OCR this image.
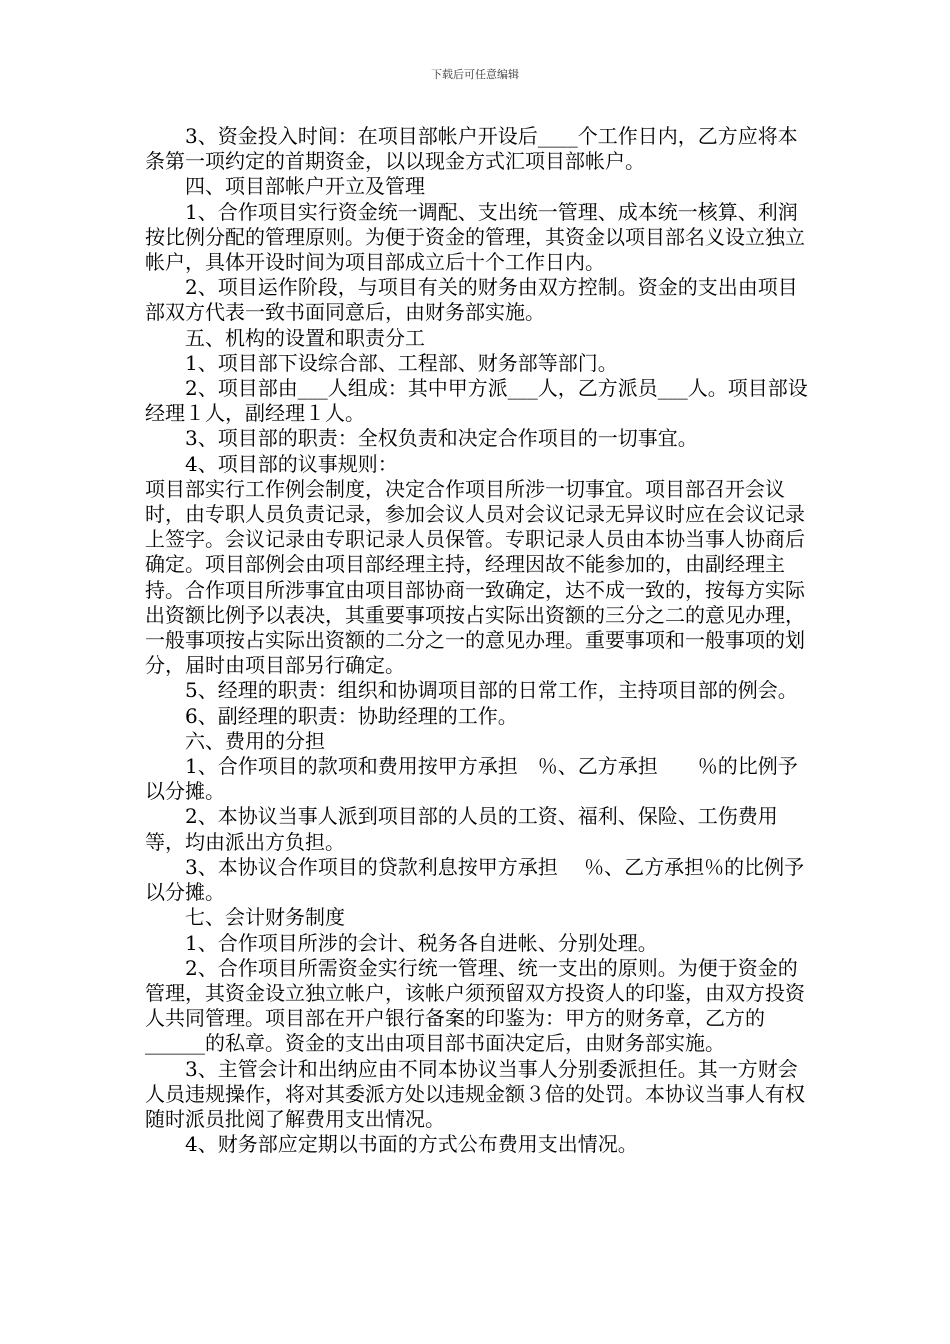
下载后可任意编辑

3、资金投入时间：在项目部帐户开设后____个工作日内，乙方应将本条第一项约定的首期资金，以以现金方式汇项目部帐户。

四、项目部帐户开立及管理

1、合作项目实行资金统一调配、支出统一管理、成本统一核算、利润按比例分配的管理原则。为便于资金的管理，其资金以项目部名义设立独立帐户，具体开设时间为项目部成立后十个工作日内。

2、项目运作阶段，与项目有关的财务由双方控制。资金的支出由项目部双方代表一致书面同意后，由财务部实施。

五、机构的设置和职责分工

1、项目部下设综合部、工程部、财务部等部门。

2、项目部由___人组成：其中甲方派___人，乙方派员___人。项目部设经理１人，副经理１人。

3、项目部的职责：全权负责和决定合作项目的一切事宜。

4、项目部的议事规则：

项目部实行工作例会制度，决定合作项目所涉一切事宜。项目部召开会议时，由专职人员负责记录，参加会议人员对会议记录无异议时应在会议记录上签字。会议记录由专职记录人员保管。专职记录人员由本协当事人协商后确定。项目部例会由项目部经理主持，经理因故不能参加的，由副经理主持。合作项目所涉事宜由项目部协商一致确定，达不成一致的，按每方实际出资额比例予以表决，其重要事项按占实际出资额的三分之二的意见办理，一般事项按占实际出资额的二分之一的意见办理。重要事项和一般事项的划分，届时由项目部另行确定。

5、经理的职责：组织和协调项目部的日常工作，主持项目部的例会。

6、副经理的职责：协助经理的工作。

六、费用的分担

1、合作项目的款项和费用按甲方承担　％、乙方承担　　％的比例予以分摊。

2、本协议当事人派到项目部的人员的工资、福利、保险、工伤费用等，均由派出方负担。

3、本协议合作项目的贷款利息按甲方承担　 ％、乙方承担％的比例予以分摊。

七、会计财务制度

1、合作项目所涉的会计、税务各自进帐、分别处理。

2、合作项目所需资金实行统一管理、统一支出的原则。为便于资金的管理，其资金设立独立帐户，该帐户须预留双方投资人的印鉴，由双方投资人共同管理。项目部在开户银行备案的印鉴为：甲方的财务章，乙方的______的私章。资金的支出由项目部书面决定后，由财务部实施。

3、主管会计和出纳应由不同本协议当事人分别委派担任。其一方财会人员违规操作，将对其委派方处以违规金额３倍的处罚。本协议当事人有权随时派员批阅了解费用支出情况。

4、财务部应定期以书面的方式公布费用支出情况。
